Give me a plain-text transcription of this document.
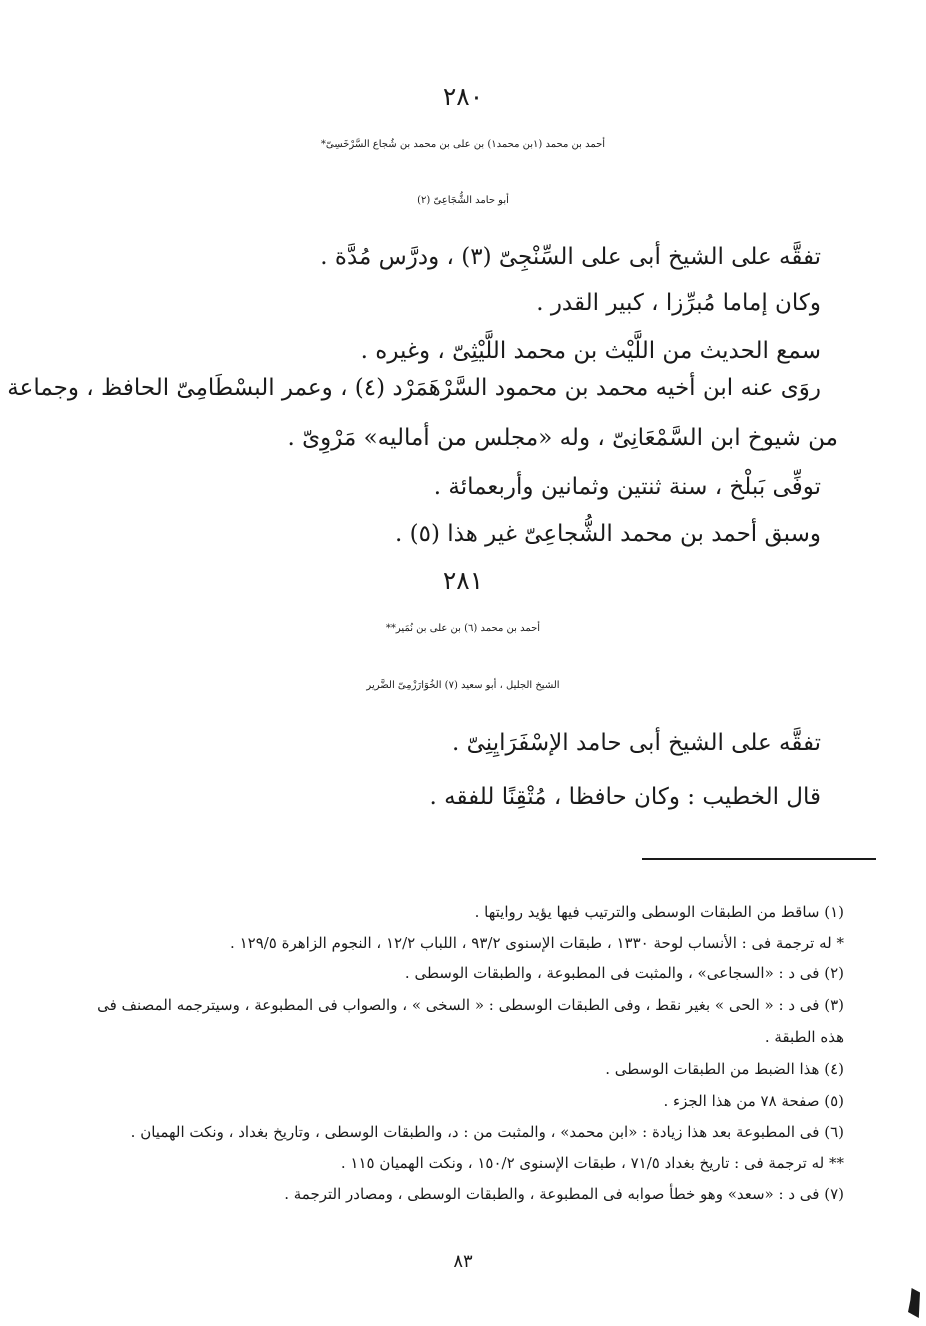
٢٨٠
أحمد بن محمد (١بن محمد١) بن على بن محمد بن شُجاع السَّرْخَسِىّ*
أبو حامد الشُّجَاعِىّ (٢)
تفقَّه على الشيخ أبى على السِّنْجِىّ (٣) ، ودرَّس مُدَّة .
وكان إماما مُبرِّزا ، كبير القدر .
سمع الحديث من اللَّيْث بن محمد اللَّيْثِىّ ، وغيره .
روَى عنه ابن أخيه محمد بن محمود السَّرْهَمَرْد (٤) ، وعمر البسْطَامِىّ الحافظ ، وجماعة
من شيوخ ابن السَّمْعَانِىّ ، وله «مجلس من أماليه» مَرْوِىّ .
توفِّى بَبلْخ ، سنة ثنتين وثمانين وأربعمائة .
وسبق أحمد بن محمد الشُّجاعِىّ غير هذا (٥) .
٢٨١
أحمد بن محمد (٦) بن على بن نُمَير**
الشيخ الجليل ، أبو سعيد (٧) الخُوَارَزْمِىّ الضَّرير
تفقَّه على الشيخ أبى حامد الإسْفَرَايِنِىّ .
قال الخطيب : وكان حافظا ، مُتْقِنًا للفقه .
(١) ساقط من الطبقات الوسطى والترتيب فيها يؤيد روايتها .
* له ترجمة فى : الأنساب لوحة ١٣٣٠ ، طبقات الإسنوى ٩٣/٢ ، اللباب ١٢/٢ ، النجوم الزاهرة ١٢٩/٥ .
(٢) فى د : «السجاعى» ، والمثبت فى المطبوعة ، والطبقات الوسطى .
(٣) فى د : « الحى » بغير نقط ، وفى الطبقات الوسطى : « السخى » ، والصواب فى المطبوعة ، وسيترجمه المصنف فى
هذه الطبقة .
(٤) هذا الضبط من الطبقات الوسطى .
(٥) صفحة ٧٨ من هذا الجزء .
(٦) فى المطبوعة بعد هذا زيادة : «ابن محمد» ، والمثبت من : د، والطبقات الوسطى ، وتاريخ بغداد ، ونكت الهميان .
** له ترجمة فى : تاريخ بغداد ٧١/٥ ، طبقات الإسنوى ١٥٠/٢ ، ونكت الهميان ١١٥ .
(٧) فى د : «سعد» وهو خطأ صوابه فى المطبوعة ، والطبقات الوسطى ، ومصادر الترجمة .
٨٣
